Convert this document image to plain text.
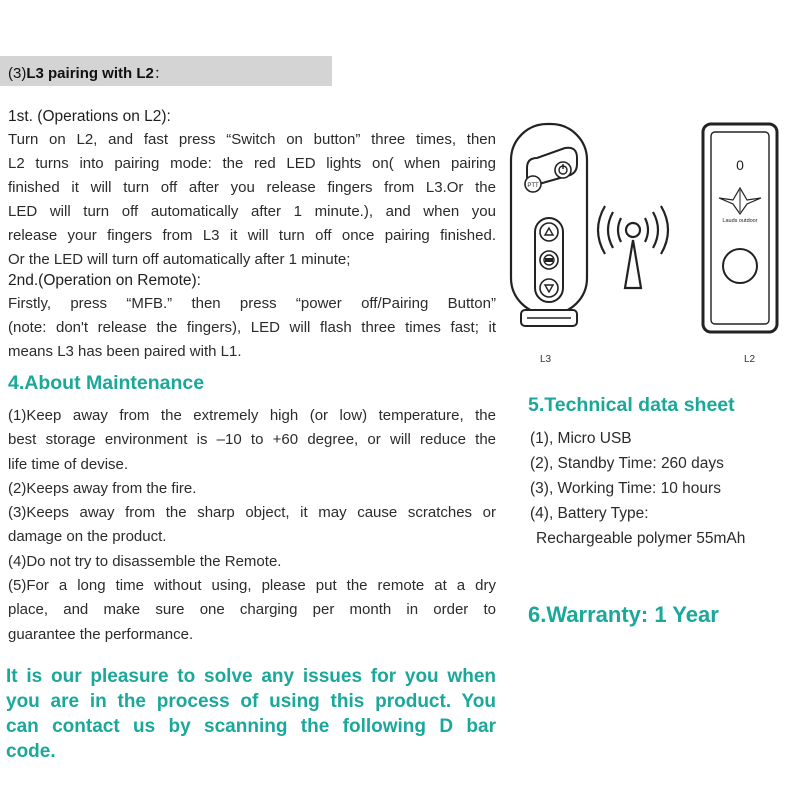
(3)L3 pairing with L2：
1st. (Operations on L2):
Turn on L2, and fast press “Switch on button” three times, then
L2 turns into pairing mode: the red LED lights on( when pairing
finished it will turn off after you release fingers from L3.Or the
LED will turn off automatically after 1 minute.), and when you
release your fingers from L3 it will turn off once pairing finished.
Or the LED will turn off automatically after 1 minute;
2nd.(Operation on Remote):
Firstly, press “MFB.” then press “power off/Pairing Button”
(note: don't release the fingers), LED will flash three times fast; it
means L3 has been paired with L1.
PTT
0
Lauds outdoor
L3	L2
4.About Maintenance
(1)Keep away from the extremely high (or low) temperature, the
best storage environment is –10 to +60 degree, or will reduce the
life time of devise.
(2)Keeps away from the fire.
(3)Keeps away from the sharp object, it may cause scratches or
damage on the product.
(4)Do not try to disassemble the Remote.
(5)For a long time without using, please put the remote at a dry
place, and make sure one charging per month in order to
guarantee the performance.
5.Technical data sheet
(1), Micro USB
(2), Standby Time: 260 days
(3), Working Time: 10 hours
(4), Battery Type:
Rechargeable polymer 55mAh
6.Warranty: 1 Year
It is our pleasure to solve any issues for you when
you are in the process of using this product. You
can contact us by scanning the following D bar
code.
